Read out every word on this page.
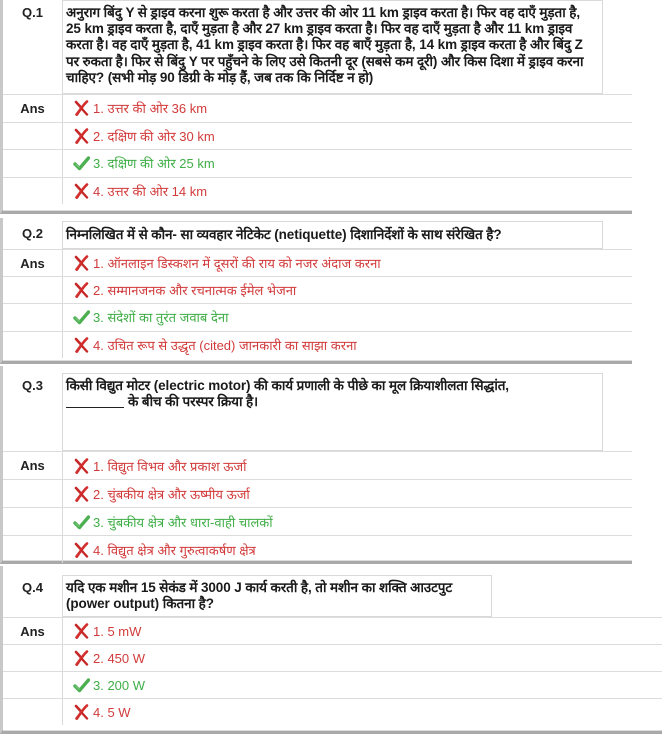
Q.1	अनुराग बिंदु Y से ड्राइव करना शुरू करता है और उत्तर की ओर 11 km ड्राइव करता है। फिर वह दाएँ मुड़ता है, 25 km ड्राइव करता है, दाएँ मुड़ता है और 27 km ड्राइव करता है। फिर वह दाएँ मुड़ता है और 11 km ड्राइव करता है। वह दाएँ मुड़ता है, 41 km ड्राइव करता है। फिर वह बाएँ मुड़ता है, 14 km ड्राइव करता है और बिंदु Z पर रुकता है। फिर से बिंदु Y पर पहुँचने के लिए उसे कितनी दूर (सबसे कम दूरी) और किस दिशा में ड्राइव करना चाहिए? (सभी मोड़ 90 डिग्री के मोड़ हैं, जब तक कि निर्दिष्ट न हो)
Ans	1. उत्तर की ओर 36 km
2. दक्षिण की ओर 30 km
3. दक्षिण की ओर 25 km
4. उत्तर की ओर 14 km
Q.2	निम्नलिखित में से कौन- सा व्यवहार नेटिकेट (netiquette) दिशानिर्देशों के साथ संरेखित है?
Ans	1. ऑनलाइन डिस्कशन में दूसरों की राय को नजर अंदाज करना
2. सम्मानजनक और रचनात्मक ईमेल भेजना
3. संदेशों का तुरंत जवाब देना
4. उचित रूप से उद्धृत (cited) जानकारी का साझा करना
Q.3	किसी विद्युत मोटर (electric motor) की कार्य प्रणाली के पीछे का मूल क्रियाशीलता सिद्धांत,
के बीच की परस्पर क्रिया है।
Ans	1. विद्युत विभव और प्रकाश ऊर्जा
2. चुंबकीय क्षेत्र और ऊष्मीय ऊर्जा
3. चुंबकीय क्षेत्र और धारा-वाही चालकों
4. विद्युत क्षेत्र और गुरुत्वाकर्षण क्षेत्र
Q.4	यदि एक मशीन 15 सेकंड में 3000 J कार्य करती है, तो मशीन का शक्ति आउटपुट (power output) कितना है?
Ans	1. 5 mW
2. 450 W
3. 200 W
4. 5 W
